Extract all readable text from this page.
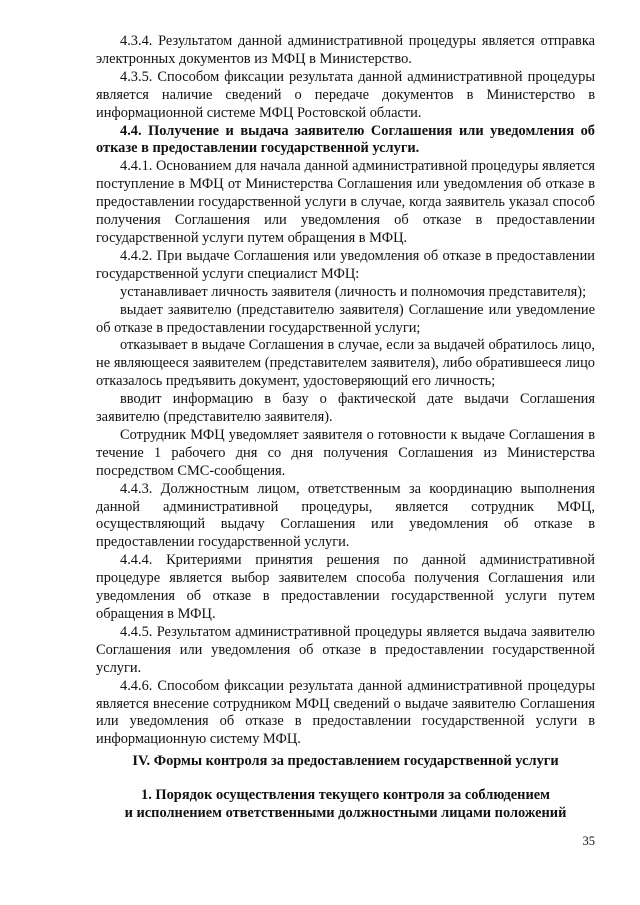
4.3.4. Результатом данной административной процедуры является отправка электронных документов из МФЦ в Министерство.

4.3.5. Способом фиксации результата данной административной процедуры является наличие сведений о передаче документов в Министерство в информационной системе МФЦ Ростовской области.

4.4. Получение и выдача заявителю Соглашения или уведомления об отказе в предоставлении государственной услуги.

4.4.1. Основанием для начала данной административной процедуры является поступление в МФЦ от Министерства Соглашения или уведомления об отказе в предоставлении государственной услуги в случае, когда заявитель указал способ получения Соглашения или уведомления об отказе в предоставлении государственной услуги путем обращения в МФЦ.

4.4.2. При выдаче Соглашения или уведомления об отказе в предоставлении государственной услуги специалист МФЦ:

устанавливает личность заявителя (личность и полномочия представителя);

выдает заявителю (представителю заявителя) Соглашение или уведомление об отказе в предоставлении государственной услуги;

отказывает в выдаче Соглашения в случае, если за выдачей обратилось лицо, не являющееся заявителем (представителем заявителя), либо обратившееся лицо отказалось предъявить документ, удостоверяющий его личность;

вводит информацию в базу о фактической дате выдачи Соглашения заявителю (представителю заявителя).

Сотрудник МФЦ уведомляет заявителя о готовности к выдаче Соглашения в течение 1 рабочего дня со дня получения Соглашения из Министерства посредством СМС-сообщения.

4.4.3. Должностным лицом, ответственным за координацию выполнения данной административной процедуры, является сотрудник МФЦ, осуществляющий выдачу Соглашения или уведомления об отказе в предоставлении государственной услуги.

4.4.4. Критериями принятия решения по данной административной процедуре является выбор заявителем способа получения Соглашения или уведомления об отказе в предоставлении государственной услуги путем обращения в МФЦ.

4.4.5. Результатом административной процедуры является выдача заявителю Соглашения или уведомления об отказе в предоставлении государственной услуги.

4.4.6. Способом фиксации результата данной административной процедуры является внесение сотрудником МФЦ сведений о выдаче заявителю Соглашения или уведомления об отказе в предоставлении государственной услуги в информационную систему МФЦ.

IV. Формы контроля за предоставлением государственной услуги

1. Порядок осуществления текущего контроля за соблюдением

и исполнением ответственными должностными лицами положений

35
